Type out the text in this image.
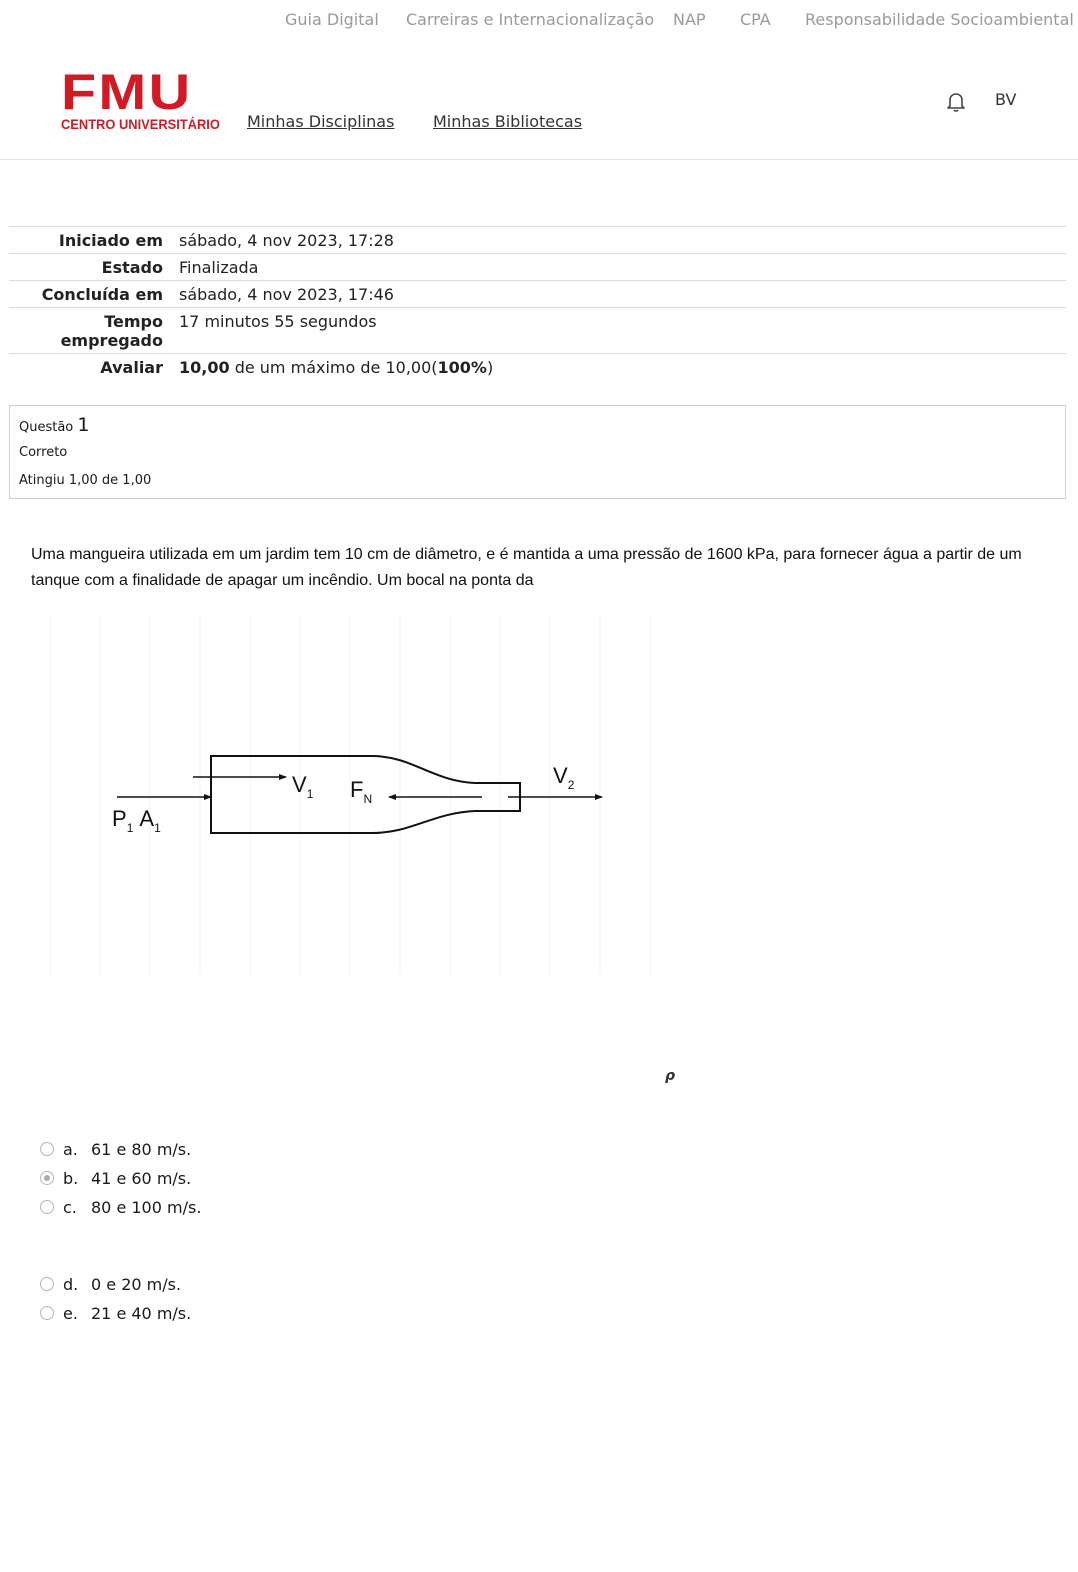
Guia Digital Carreiras e Internacionalização NAP CPA Responsabilidade Socioambiental
FMU
CENTRO UNIVERSITÁRIO Minhas Disciplinas Minhas Bibliotecas
BV
Iniciado em	sábado, 4 nov 2023, 17:28
Estado	Finalizada
Concluída em	sábado, 4 nov 2023, 17:46
Tempo empregado	17 minutos 55 segundos
Avaliar	10,00 de um máximo de 10,00(100%)
Questão 1
Correto
Atingiu 1,00 de 1,00
Uma mangueira utilizada em um jardim tem 10 cm de diâmetro, e é mantida a uma pressão de 1600 kPa, para fornecer água a partir de um tanque com a finalidade de apagar um incêndio. Um bocal na ponta da
$V_1$ $F_N$
$V_2$
$P_1$ $A_1$
ρ
a. 61 e 80 m/s.
b. 41 e 60 m/s.
c. 80 e 100 m/s.
d. 0 e 20 m/s.
e. 21 e 40 m/s.
